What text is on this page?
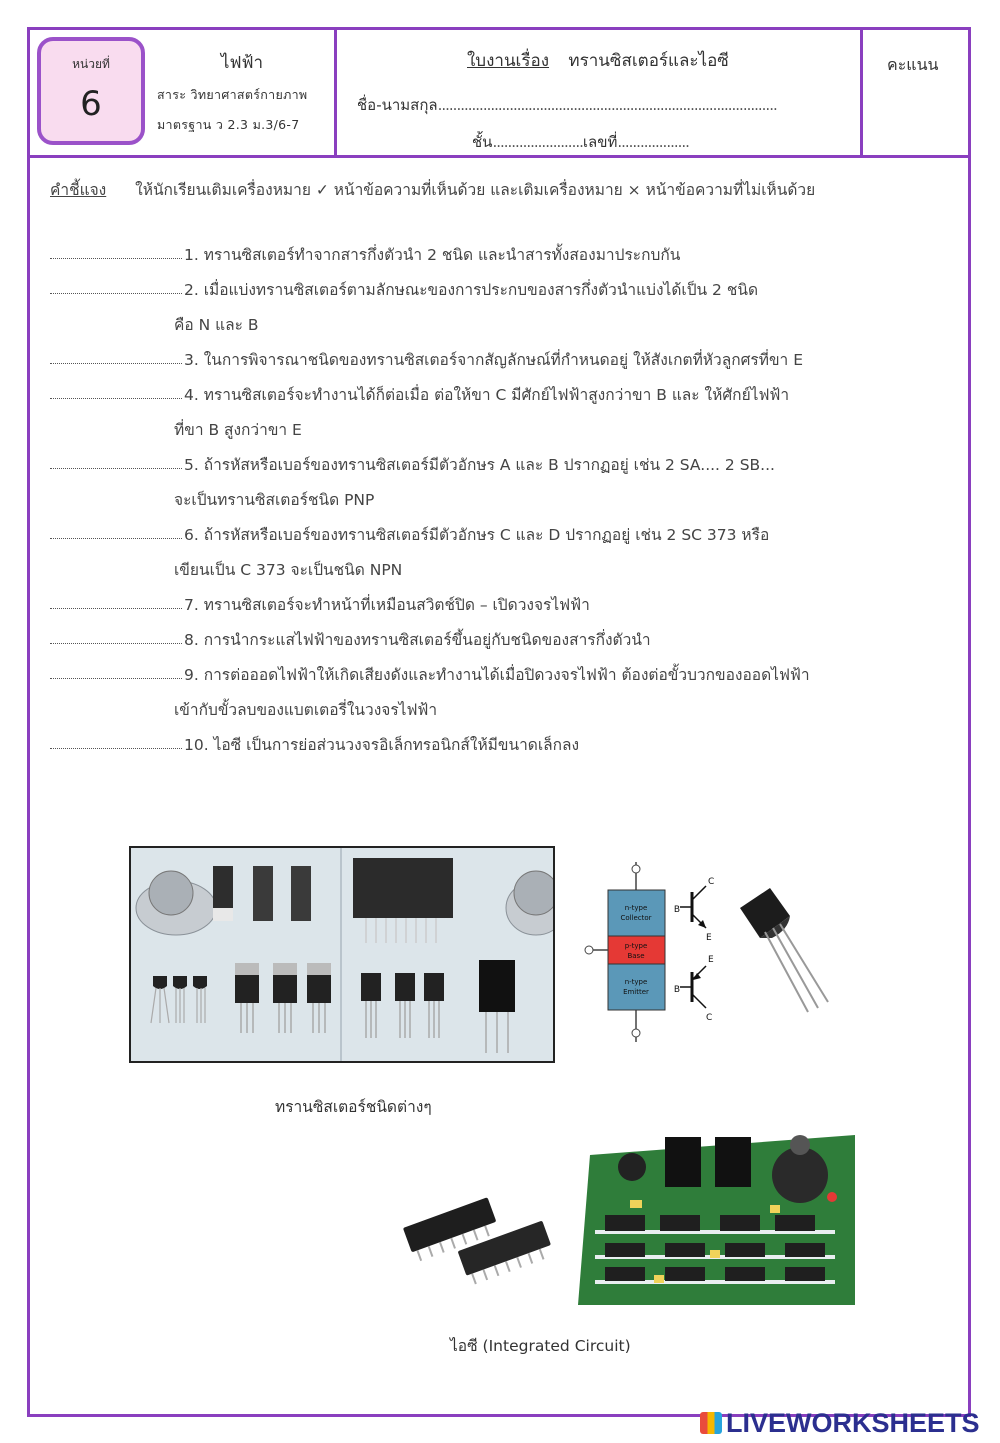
หน่วยที่
6
ไฟฟ้า
สาระ วิทยาศาสตร์กายภาพ
มาตรฐาน ว 2.3 ม.3/6-7
ใบงานเรื่อง ทรานซิสเตอร์และไอซี
ชื่อ-นามสกุล..........................................................................................
ชั้น........................เลขที่...................
คะแนน
คำชี้แจง ให้นักเรียนเติมเครื่องหมาย ✓ หน้าข้อความที่เห็นด้วย และเติมเครื่องหมาย × หน้าข้อความที่ไม่เห็นด้วย
1. ทรานซิสเตอร์ทำจากสารกึ่งตัวนำ 2 ชนิด และนำสารทั้งสองมาประกบกัน
2. เมื่อแบ่งทรานซิสเตอร์ตามลักษณะของการประกบของสารกึ่งตัวนำแบ่งได้เป็น 2 ชนิด
คือ N และ B
3. ในการพิจารณาชนิดของทรานซิสเตอร์จากสัญลักษณ์ที่กำหนดอยู่ ให้สังเกตที่หัวลูกศรที่ขา E
4. ทรานซิสเตอร์จะทำงานได้ก็ต่อเมื่อ ต่อให้ขา C มีศักย์ไฟฟ้าสูงกว่าขา B และ ให้ศักย์ไฟฟ้า
ที่ขา B สูงกว่าขา E
5. ถ้ารหัสหรือเบอร์ของทรานซิสเตอร์มีตัวอักษร A และ B ปรากฏอยู่ เช่น 2 SA.... 2 SB...
จะเป็นทรานซิสเตอร์ชนิด PNP
6. ถ้ารหัสหรือเบอร์ของทรานซิสเตอร์มีตัวอักษร C และ D ปรากฏอยู่ เช่น 2 SC 373 หรือ
เขียนเป็น C 373 จะเป็นชนิด NPN
7. ทรานซิสเตอร์จะทำหน้าที่เหมือนสวิตช์ปิด – เปิดวงจรไฟฟ้า
8. การนำกระแสไฟฟ้าของทรานซิสเตอร์ขึ้นอยู่กับชนิดของสารกึ่งตัวนำ
9. การต่อออดไฟฟ้าให้เกิดเสียงดังและทำงานได้เมื่อปิดวงจรไฟฟ้า ต้องต่อขั้วบวกของออดไฟฟ้า
เข้ากับขั้วลบของแบตเตอรี่ในวงจรไฟฟ้า
10. ไอซี เป็นการย่อส่วนวงจรอิเล็กทรอนิกส์ให้มีขนาดเล็กลง
ทรานซิสเตอร์ชนิดต่างๆ
n-type
Collector
p-type
Base
n-type
Emitter
C
B
E
E
B
C
ไอซี (Integrated Circuit)
LIVEWORKSHEETS
